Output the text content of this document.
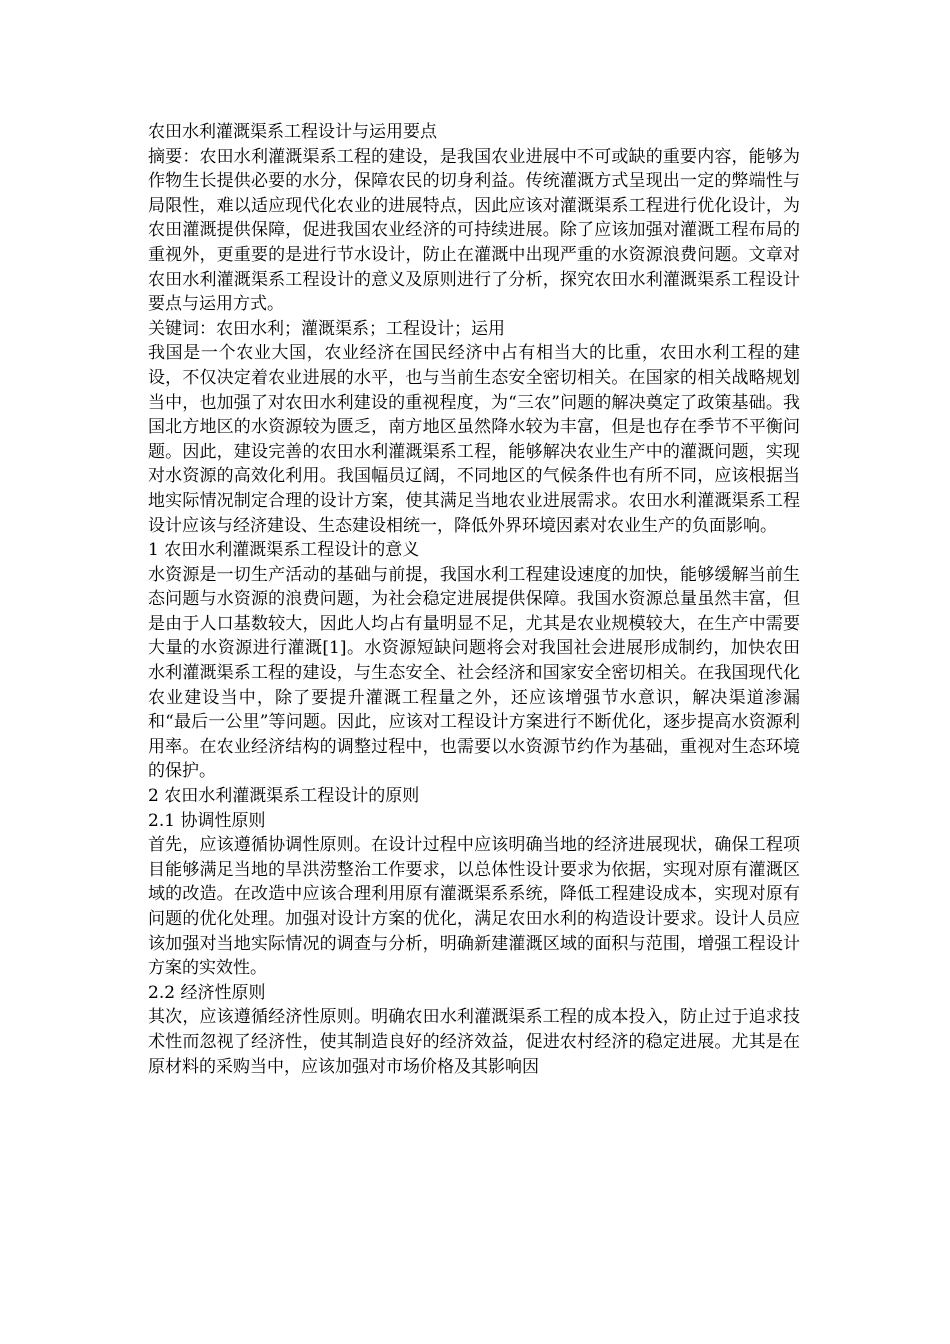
农田水利灌溉渠系工程设计与运用要点

摘要：农田水利灌溉渠系工程的建设，是我国农业进展中不可或缺的重要内容，能够为作物生长提供必要的水分，保障农民的切身利益。传统灌溉方式呈现出一定的弊端性与局限性，难以适应现代化农业的进展特点，因此应该对灌溉渠系工程进行优化设计，为农田灌溉提供保障，促进我国农业经济的可持续进展。除了应该加强对灌溉工程布局的重视外，更重要的是进行节水设计，防止在灌溉中出现严重的水资源浪费问题。文章对农田水利灌溉渠系工程设计的意义及原则进行了分析，探究农田水利灌溉渠系工程设计要点与运用方式。

关键词：农田水利；灌溉渠系；工程设计；运用

我国是一个农业大国，农业经济在国民经济中占有相当大的比重，农田水利工程的建设，不仅决定着农业进展的水平，也与当前生态安全密切相关。在国家的相关战略规划当中，也加强了对农田水利建设的重视程度，为“三农”问题的解决奠定了政策基础。我国北方地区的水资源较为匮乏，南方地区虽然降水较为丰富，但是也存在季节不平衡问题。因此，建设完善的农田水利灌溉渠系工程，能够解决农业生产中的灌溉问题，实现对水资源的高效化利用。我国幅员辽阔，不同地区的气候条件也有所不同，应该根据当地实际情况制定合理的设计方案，使其满足当地农业进展需求。农田水利灌溉渠系工程设计应该与经济建设、生态建设相统一，降低外界环境因素对农业生产的负面影响。

1 农田水利灌溉渠系工程设计的意义

水资源是一切生产活动的基础与前提，我国水利工程建设速度的加快，能够缓解当前生态问题与水资源的浪费问题，为社会稳定进展提供保障。我国水资源总量虽然丰富，但是由于人口基数较大，因此人均占有量明显不足，尤其是农业规模较大，在生产中需要大量的水资源进行灌溉[1]。水资源短缺问题将会对我国社会进展形成制约，加快农田水利灌溉渠系工程的建设，与生态安全、社会经济和国家安全密切相关。在我国现代化农业建设当中，除了要提升灌溉工程量之外，还应该增强节水意识，解决渠道渗漏和“最后一公里”等问题。因此，应该对工程设计方案进行不断优化，逐步提高水资源利用率。在农业经济结构的调整过程中，也需要以水资源节约作为基础，重视对生态环境的保护。

2 农田水利灌溉渠系工程设计的原则

2.1 协调性原则

首先，应该遵循协调性原则。在设计过程中应该明确当地的经济进展现状，确保工程项目能够满足当地的旱洪涝整治工作要求，以总体性设计要求为依据，实现对原有灌溉区域的改造。在改造中应该合理利用原有灌溉渠系系统，降低工程建设成本，实现对原有问题的优化处理。加强对设计方案的优化，满足农田水利的构造设计要求。设计人员应该加强对当地实际情况的调查与分析，明确新建灌溉区域的面积与范围，增强工程设计方案的实效性。

2.2 经济性原则

其次，应该遵循经济性原则。明确农田水利灌溉渠系工程的成本投入，防止过于追求技术性而忽视了经济性，使其制造良好的经济效益，促进农村经济的稳定进展。尤其是在原材料的采购当中，应该加强对市场价格及其影响因
